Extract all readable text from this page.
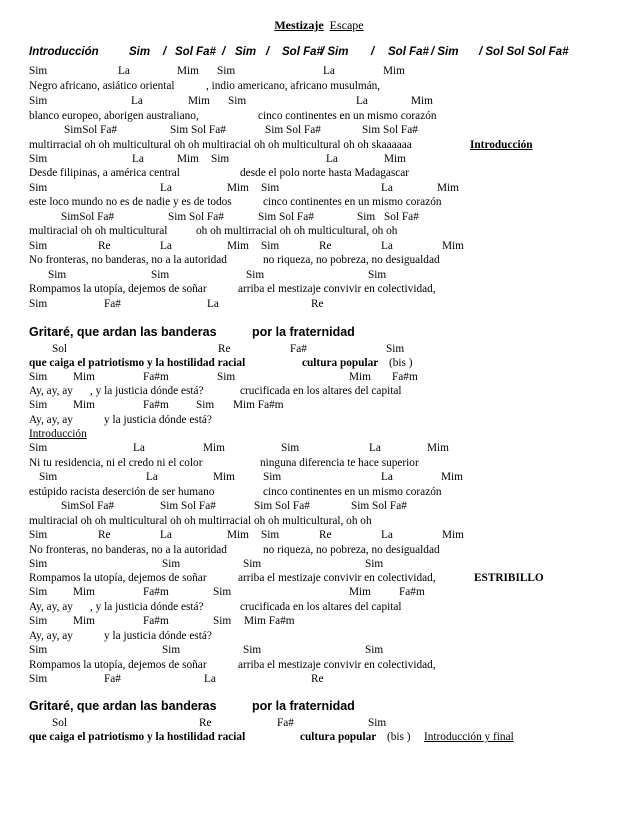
Mestizaje Escape
Introducción	Sim / Sol Fa# / Sim / Sol Fa#
/ Sim / Sol Fa# / Sim / Sol Sol Sol Fa#
Sim	La	Mim Sim	La	Mim
Negro africano, asiático oriental	, indio americano, africano musulmán,
Sim	La	Mim Sim	La	Mim
blanco europeo, aborigen australiano,	cinco continentes en un mismo corazón
SimSol Fa#	Sim Sol Fa#	Sim Sol Fa#	Sim Sol Fa#
multirracial oh oh multicultural oh oh multiracial oh oh multicultural oh oh skaaaaaa	Introducción
Sim	La	Mim Sim	La	Mim
Desde filipinas, a américa central	desde el polo norte hasta Madagascar
Sim	La	Mim Sim	La	Mim
este loco mundo no es de nadie y es de todos	cinco continentes en un mismo corazón
SimSol Fa#	Sim Sol Fa#	Sim Sol Fa#	Sim Sol Fa#
multiracial oh oh multicultural	oh oh multirracial oh oh multicultural, oh oh
Sim	Re	La	Mim Sim	Re	La	Mim
No fronteras, no banderas, no a la autoridad	no riqueza, no pobreza, no desigualdad
Sim	Sim	Sim	Sim
Rompamos la utopía, dejemos de soñar	arriba el mestizaje convivir en colectividad,
Sim	Fa#	La	Re
Gritaré, que ardan las banderas	por la fraternidad
Sol	Re	Fa#	Sim
que caiga el patriotismo y la hostilidad racial	cultura popular (bis )
Sim Mim	Fa#m	Sim	Mim Fa#m
Ay, ay, ay , y la justicia dónde está?	crucificada en los altares del capital
Sim Mim	Fa#m Sim Mim Fa#m
Ay, ay, ay	y la justicia dónde está?
Introducción
Sim	La	Mim	Sim	La	Mim
Ni tu residencia, ni el credo ni el color	ninguna diferencia te hace superior
Sim	La	Mim Sim	La	Mim
estúpido racista deserción de ser humano	cinco continentes en un mismo corazón
SimSol Fa#	Sim Sol Fa#	Sim Sol Fa#	Sim Sol Fa#
multiracial oh oh multicultural oh oh multirracial oh oh multicultural, oh oh
Sim	Re	La	Mim Sim	Re	La	Mim
No fronteras, no banderas, no a la autoridad	no riqueza, no pobreza, no desigualdad
Sim	Sim	Sim	Sim
Rompamos la utopía, dejemos de soñar	arriba el mestizaje convivir en colectividad,	ESTRIBILLO
Sim Mim	Fa#m	Sim	Mim Fa#m
Ay, ay, ay , y la justicia dónde está?	crucificada en los altares del capital
Sim Mim	Fa#m	Sim Mim Fa#m
Ay, ay, ay	y la justicia dónde está?
Sim	Sim	Sim	Sim
Rompamos la utopía, dejemos de soñar	arriba el mestizaje convivir en colectividad,
Sim	Fa#	La	Re
Gritaré, que ardan las banderas	por la fraternidad
Sol	Re	Fa#	Sim
que caiga el patriotismo y la hostilidad racial	cultura popular (bis ) Introducción y final
